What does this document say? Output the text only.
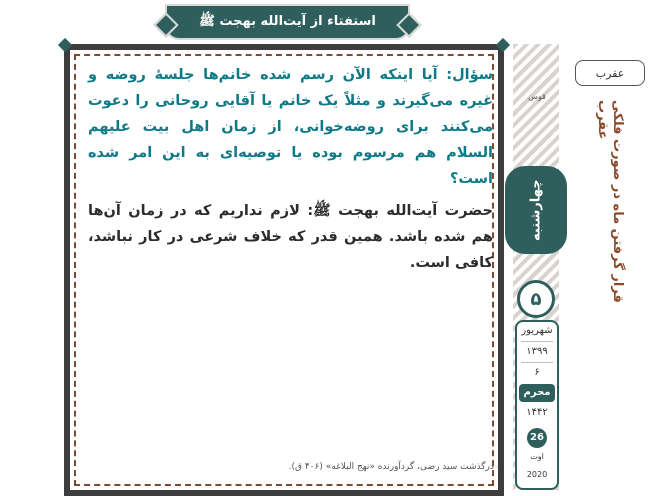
استفتاء از آیت‌الله بهجت ﷺ

سؤال: آیا اینکه الآن رسم شده خانم‌ها جلسهٔ روضه و غیره می‌گیرند و مثلاً یک خانم یا آقایی روحانی را دعوت می‌کنند برای روضه‌خوانی، از زمان اهل بیت علیهم السلام هم مرسوم بوده یا توصیه‌ای به این امر شده است؟

حضرت آیت‌الله بهجت ﷺ: لازم نداریم که در زمان آن‌ها هم شده باشد. همین قدر که خلاف شرعی در کار نباشد، کافی است.

- درگذشت سید رضی، گردآورنده «نهج البلاغه» (۴۰۶ ق).
قوس
چهارشنبه
۵
شهریور
۱۳۹۹
۶
محرم
۱۴۴۲
26
اوت
2020
عقرب
قرار گرفتن ماه در صورت فلکی عقرب
